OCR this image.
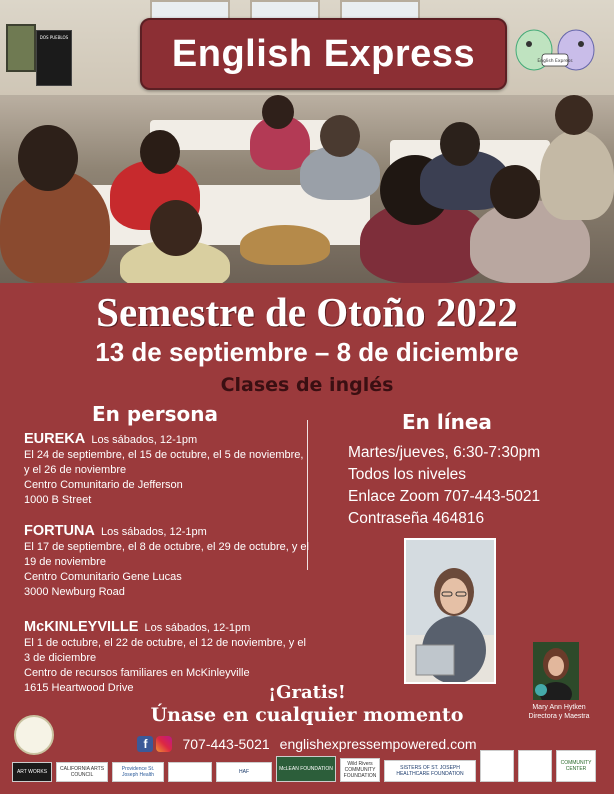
DOS PUEBLOS	English Express	English Express
Semestre de Otoño 2022
13 de septiembre – 8 de diciembre
Clases de inglés
En persona	En línea

EUREKA Los sábados, 12-1pm

El 24 de septiembre, el 15 de octubre, el 5 de noviembre, y el 26 de noviembre

Centro Comunitario de Jefferson

1000 B Street

FORTUNA Los sábados, 12-1pm

El 17 de septiembre, el 8 de octubre, el 29 de octubre, y el 19 de noviembre

Centro Comunitario Gene Lucas

3000 Newburg Road

McKINLEYVILLE Los sábados, 12-1pm

El 1 de octubre, el 22 de octubre, el 12 de noviembre, y el 3 de diciembre

Centro de recursos familiares en McKinleyville

1615 Heartwood Drive

Martes/jueves, 6:30-7:30pm

Todos los niveles

Enlace Zoom 707-443-5021

Contraseña 464816

Mary Ann Hytken
Directora y Maestra
¡Gratis!
Únase en cualquier momento
f	707-443-5021 englishexpressempowered.com
ART WORKS	CALIFORNIA ARTS COUNCIL
Providence St. Joseph Health	HAF	McLEAN FOUNDATION
Wild Rivers COMMUNITY FOUNDATION
SISTERS OF ST. JOSEPH HEALTHCARE FOUNDATION
COMMUNITY CENTER
